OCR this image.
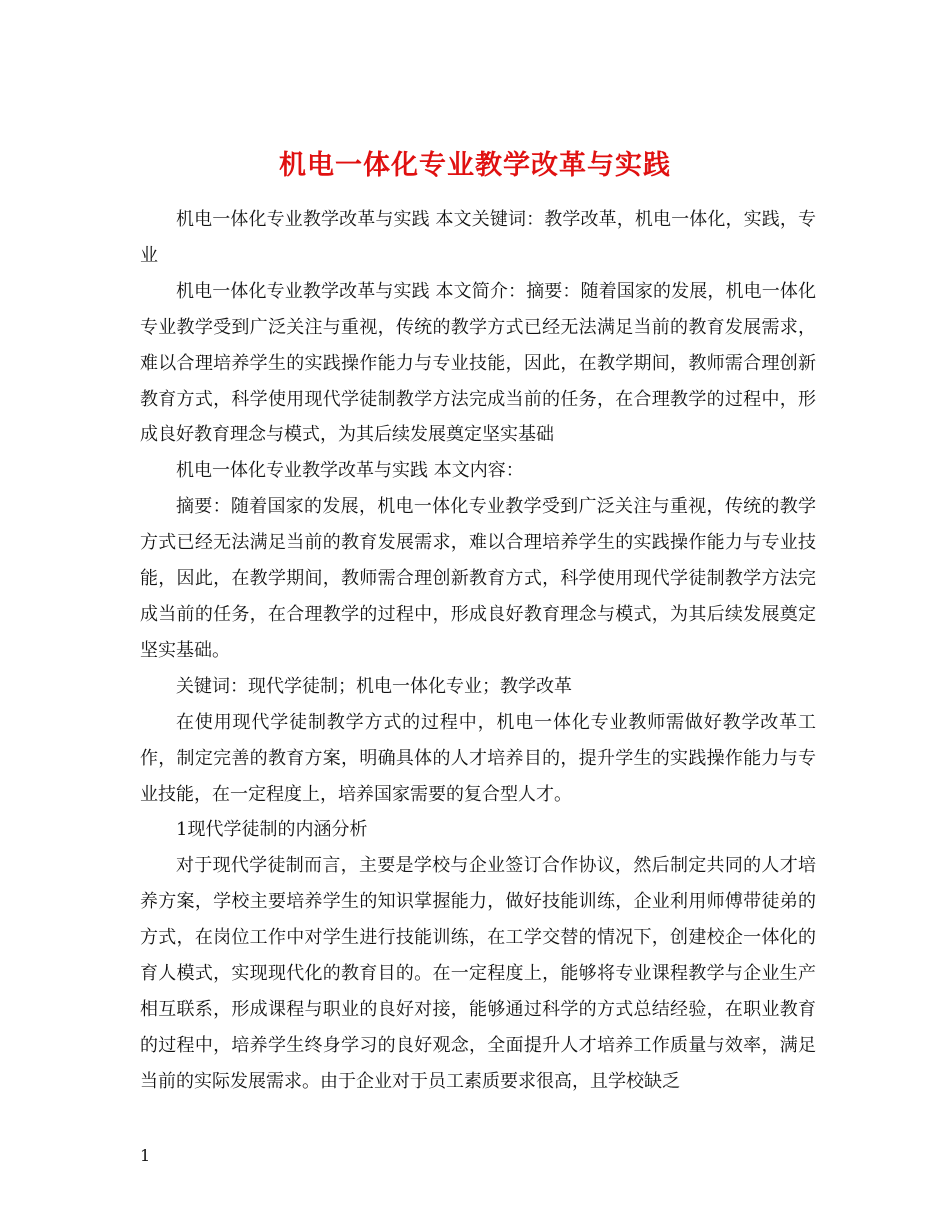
机电一体化专业教学改革与实践

机电一体化专业教学改革与实践 本文关键词：教学改革，机电一体化，实践，专业

机电一体化专业教学改革与实践 本文简介：摘要：随着国家的发展，机电一体化专业教学受到广泛关注与重视，传统的教学方式已经无法满足当前的教育发展需求，难以合理培养学生的实践操作能力与专业技能，因此，在教学期间，教师需合理创新教育方式，科学使用现代学徒制教学方法完成当前的任务，在合理教学的过程中，形成良好教育理念与模式，为其后续发展奠定坚实基础

机电一体化专业教学改革与实践 本文内容：

摘要：随着国家的发展，机电一体化专业教学受到广泛关注与重视，传统的教学方式已经无法满足当前的教育发展需求，难以合理培养学生的实践操作能力与专业技能，因此，在教学期间，教师需合理创新教育方式，科学使用现代学徒制教学方法完成当前的任务，在合理教学的过程中，形成良好教育理念与模式，为其后续发展奠定坚实基础。

关键词：现代学徒制；机电一体化专业；教学改革

在使用现代学徒制教学方式的过程中，机电一体化专业教师需做好教学改革工作，制定完善的教育方案，明确具体的人才培养目的，提升学生的实践操作能力与专业技能，在一定程度上，培养国家需要的复合型人才。

1现代学徒制的内涵分析

对于现代学徒制而言，主要是学校与企业签订合作协议，然后制定共同的人才培养方案，学校主要培养学生的知识掌握能力，做好技能训练，企业利用师傅带徒弟的方式，在岗位工作中对学生进行技能训练，在工学交替的情况下，创建校企一体化的育人模式，实现现代化的教育目的。在一定程度上，能够将专业课程教学与企业生产相互联系，形成课程与职业的良好对接，能够通过科学的方式总结经验，在职业教育的过程中，培养学生终身学习的良好观念，全面提升人才培养工作质量与效率，满足当前的实际发展需求。由于企业对于员工素质要求很高，且学校缺乏

1
